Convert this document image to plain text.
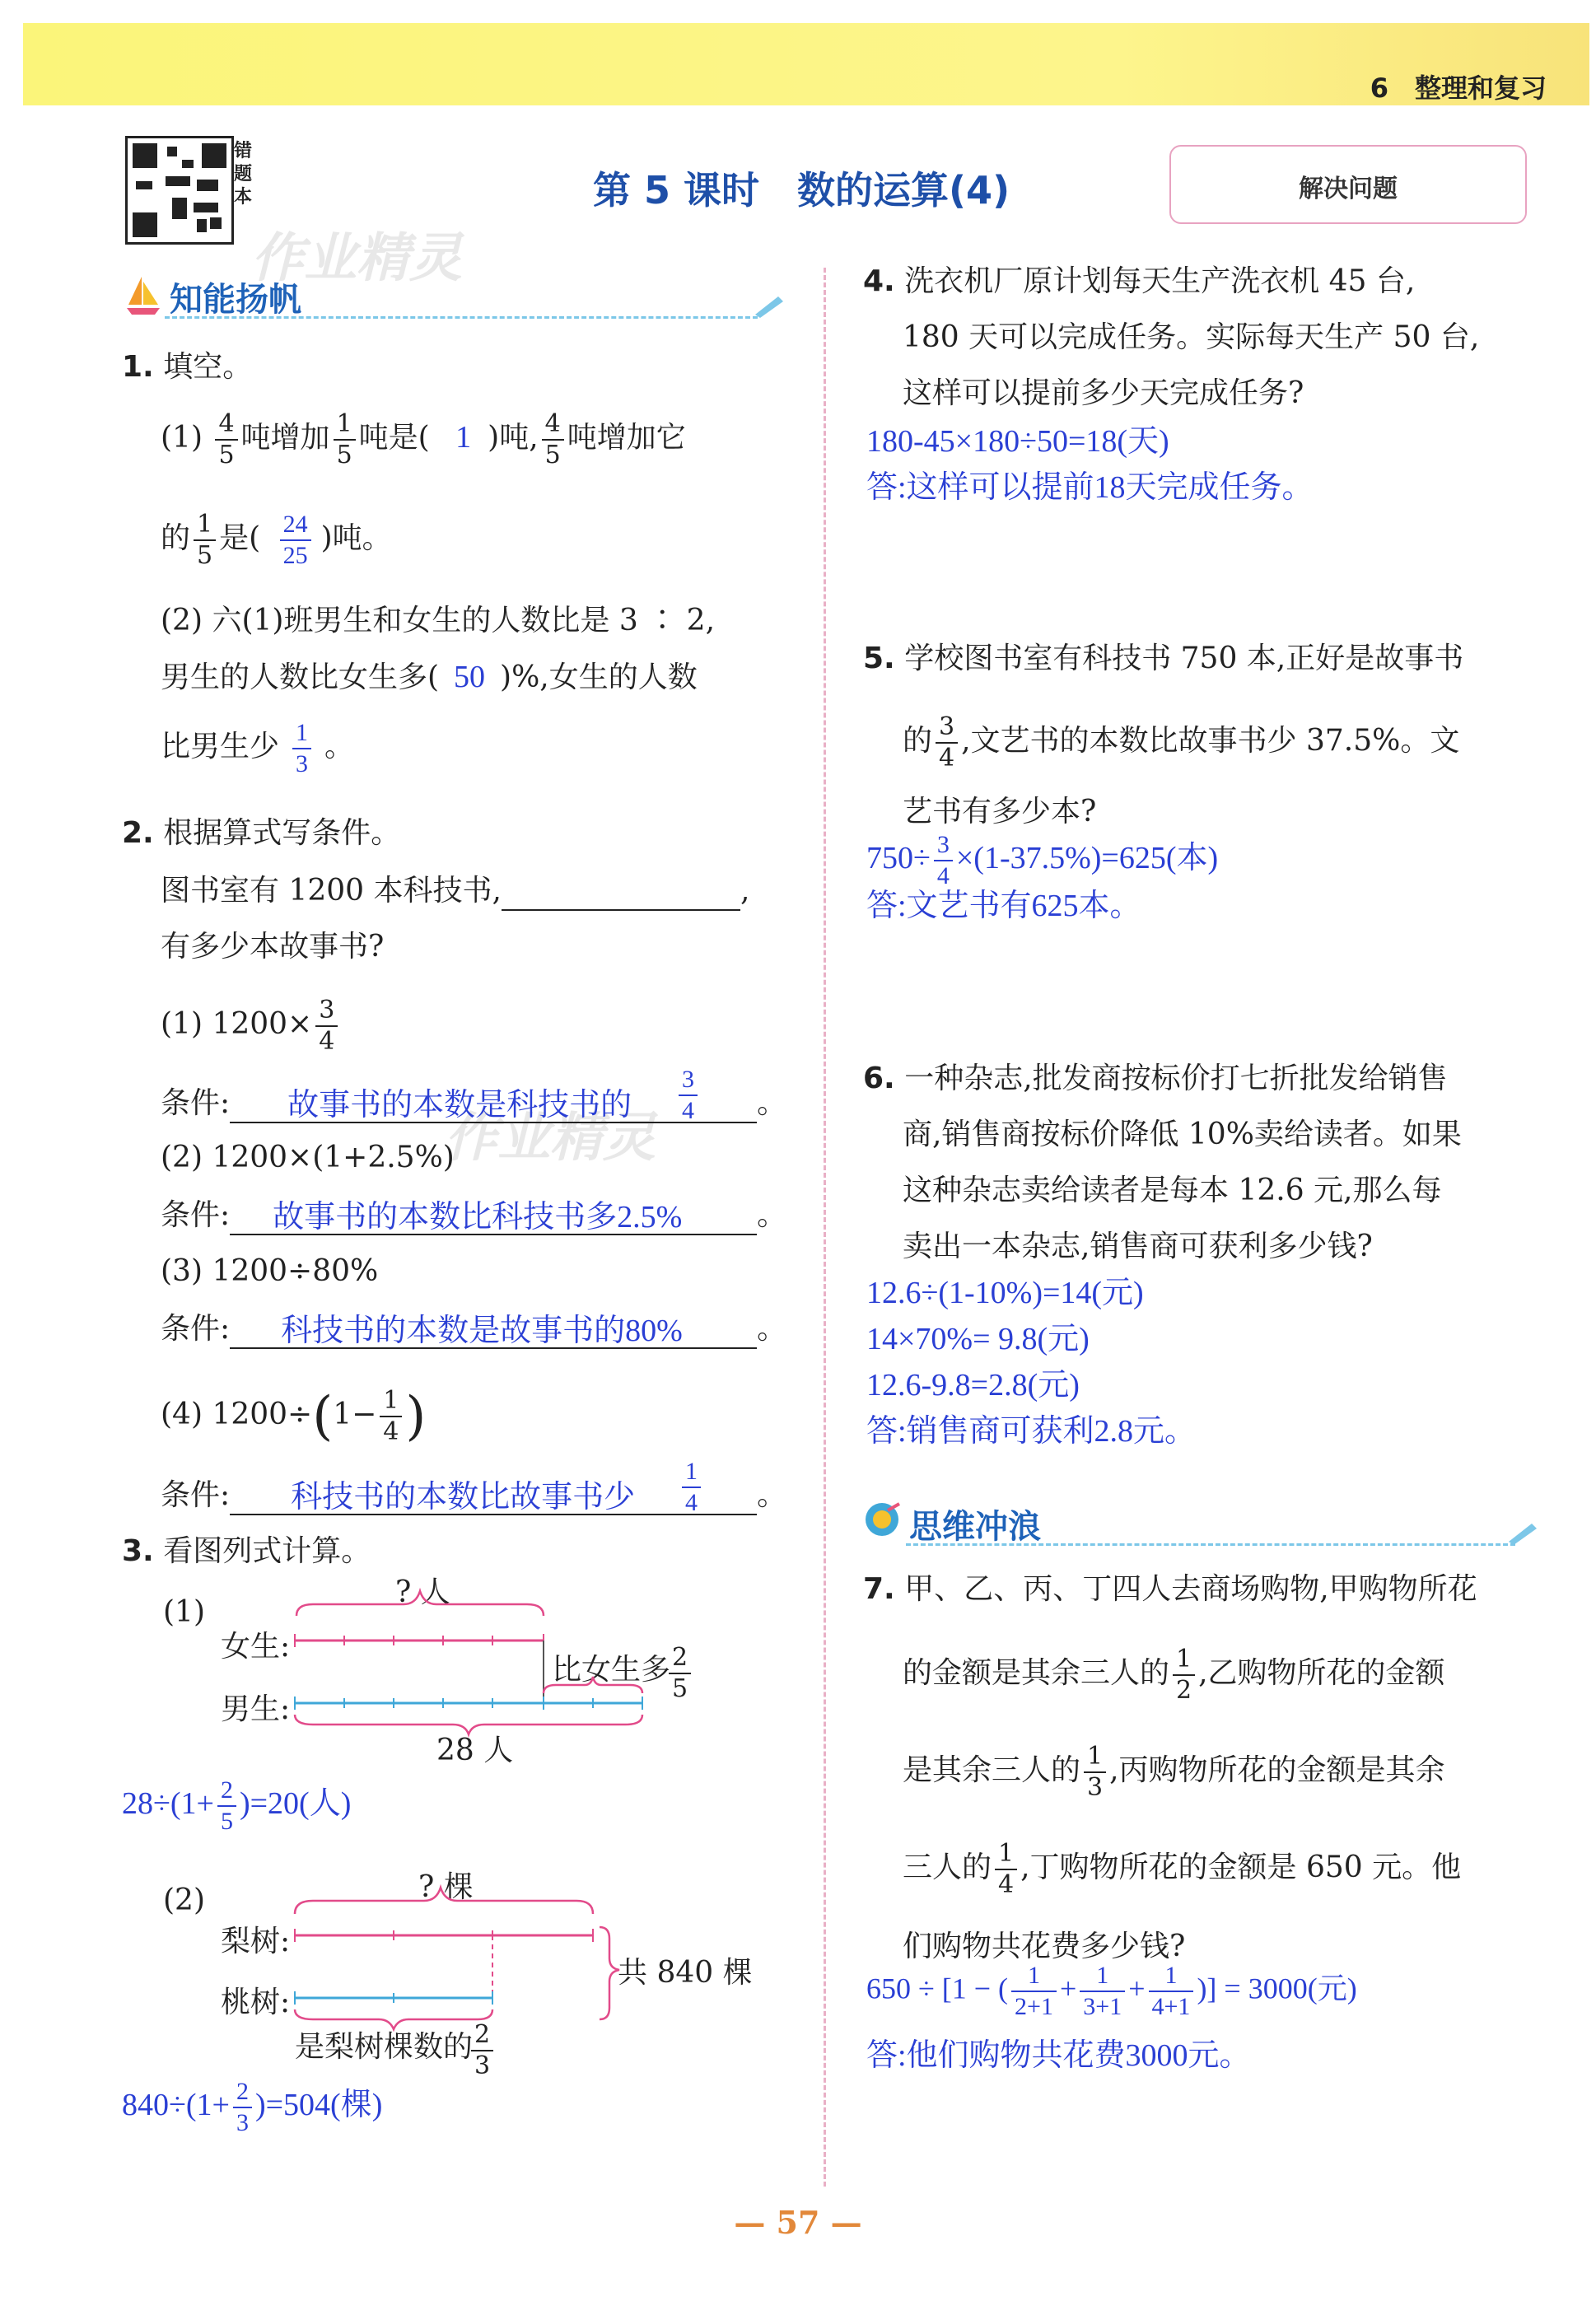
6　整理和复习
错题本	第 5 课时　数的运算(4)	解决问题
作业精灵
作业精灵
知能扬帆
1. 填空。
$(1) \frac{4}{5}$ 吨增加 $\frac{1}{5}$ 吨是( 1 )吨, $\frac{4}{5}$ 吨增加它
的 $\frac{1}{5}$ 是( $\frac{24}{25}$ )吨。
(2) 六(1)班男生和女生的人数比是 3 ∶ 2,
男生的人数比女生多( 50 )%,女生的人数
比男生少 $\frac{1}{3}$ 。
2. 根据算式写条件。
图书室有 1200 本科技书,	,
有多少本故事书?
(1) $1200\times \frac{3}{4}$
条件: 故事书的本数是科技书的	。
$\frac{3}{4}$
(2) 1200×(1+2.5%)
条件: 故事书的本数比科技书多2.5%	。
(3) 1200÷80%
条件: 科技书的本数是故事书的80%	。
(4) $1200\div(1- \frac{1}{4}$ )
条件: 科技书的本数比故事书少	。
$\frac{1}{4}$
3. 看图列式计算。
(1)
? 人
女生:
男生:
比女生多
$\frac{2}{5}$
28 人
$28\div(1+ \frac{2}{5} )=20$(人)
(2)	? 棵
梨树:
桃树:
共 840 棵
是梨树棵数的
$\frac{2}{3}$
$840\div(1+ \frac{2}{3} )=504$(棵)
4. 洗衣机厂原计划每天生产洗衣机 45 台,
180 天可以完成任务。实际每天生产 50 台,
这样可以提前多少天完成任务?
180-45×180÷50=18(天)
答:这样可以提前18天完成任务。
5. 学校图书室有科技书 750 本,正好是故事书
的 $\frac{3}{4}$ ,文艺书的本数比故事书少 37.5%。文
艺书有多少本?
$750\div \frac{3}{4} \times(1-37.5\%)=625$(本)
答:文艺书有625本。
6. 一种杂志,批发商按标价打七折批发给销售
商,销售商按标价降低 10%卖给读者。如果
这种杂志卖给读者是每本 12.6 元,那么每
卖出一本杂志,销售商可获利多少钱?
12.6÷(1-10%)=14(元)
14×70%= 9.8(元)
12.6-9.8=2.8(元)
答:销售商可获利2.8元。
思维冲浪
7. 甲、乙、丙、丁四人去商场购物,甲购物所花
的金额是其余三人的 $\frac{1}{2}$ ,乙购物所花的金额
是其余三人的 $\frac{1}{3}$ ,丙购物所花的金额是其余
三人的 $\frac{1}{4}$ ,丁购物所花的金额是 650 元。他
们购物共花费多少钱?
650 ÷ [1 − ( $\frac{1}{2+1} + \frac{1}{3+1} + \frac{1}{4+1}$ )] = 3000(元)
答:他们购物共花费3000元。
— 57 —
